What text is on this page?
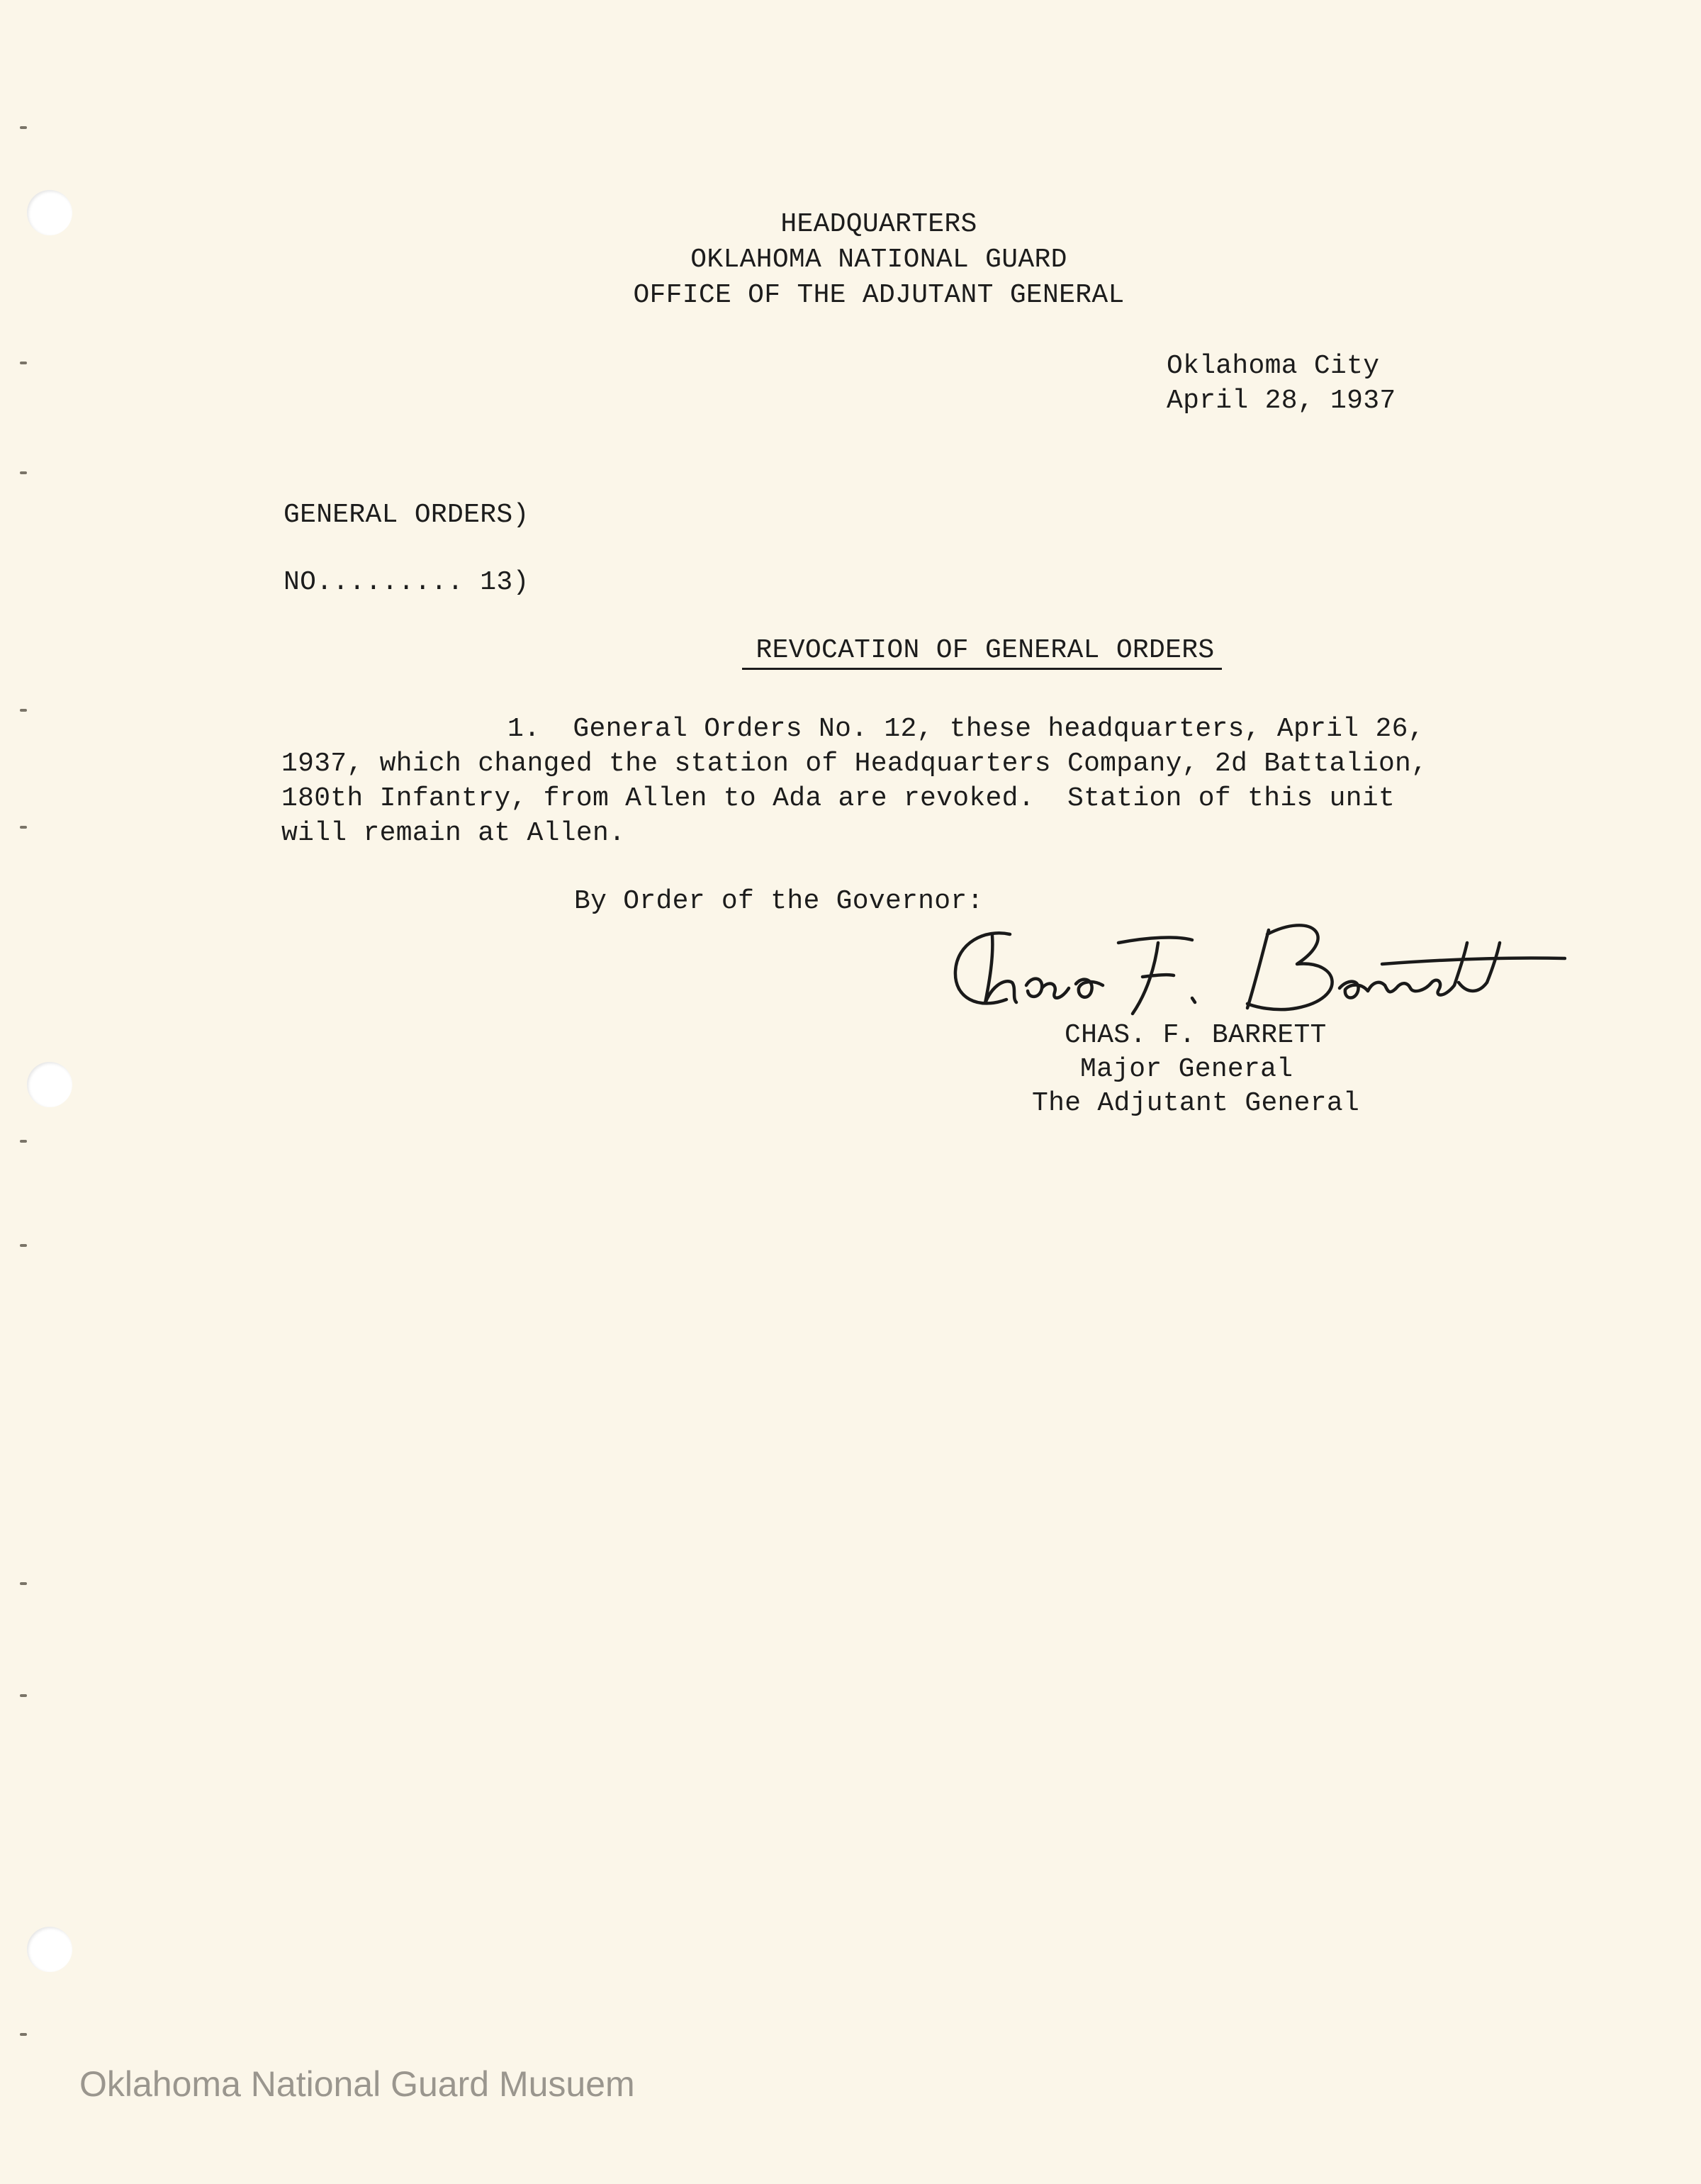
HEADQUARTERS
OKLAHOMA NATIONAL GUARD
OFFICE OF THE ADJUTANT GENERAL
Oklahoma City
April 28, 1937
GENERAL ORDERS)
NO......... 13)
REVOCATION OF GENERAL ORDERS
1.  General Orders No. 12, these headquarters, April 26,
1937, which changed the station of Headquarters Company, 2d Battalion,
180th Infantry, from Allen to Ada are revoked.  Station of this unit
will remain at Allen.
By Order of the Governor:
CHAS. F. BARRETT
Major General
The Adjutant General
Oklahoma National Guard Musuem
